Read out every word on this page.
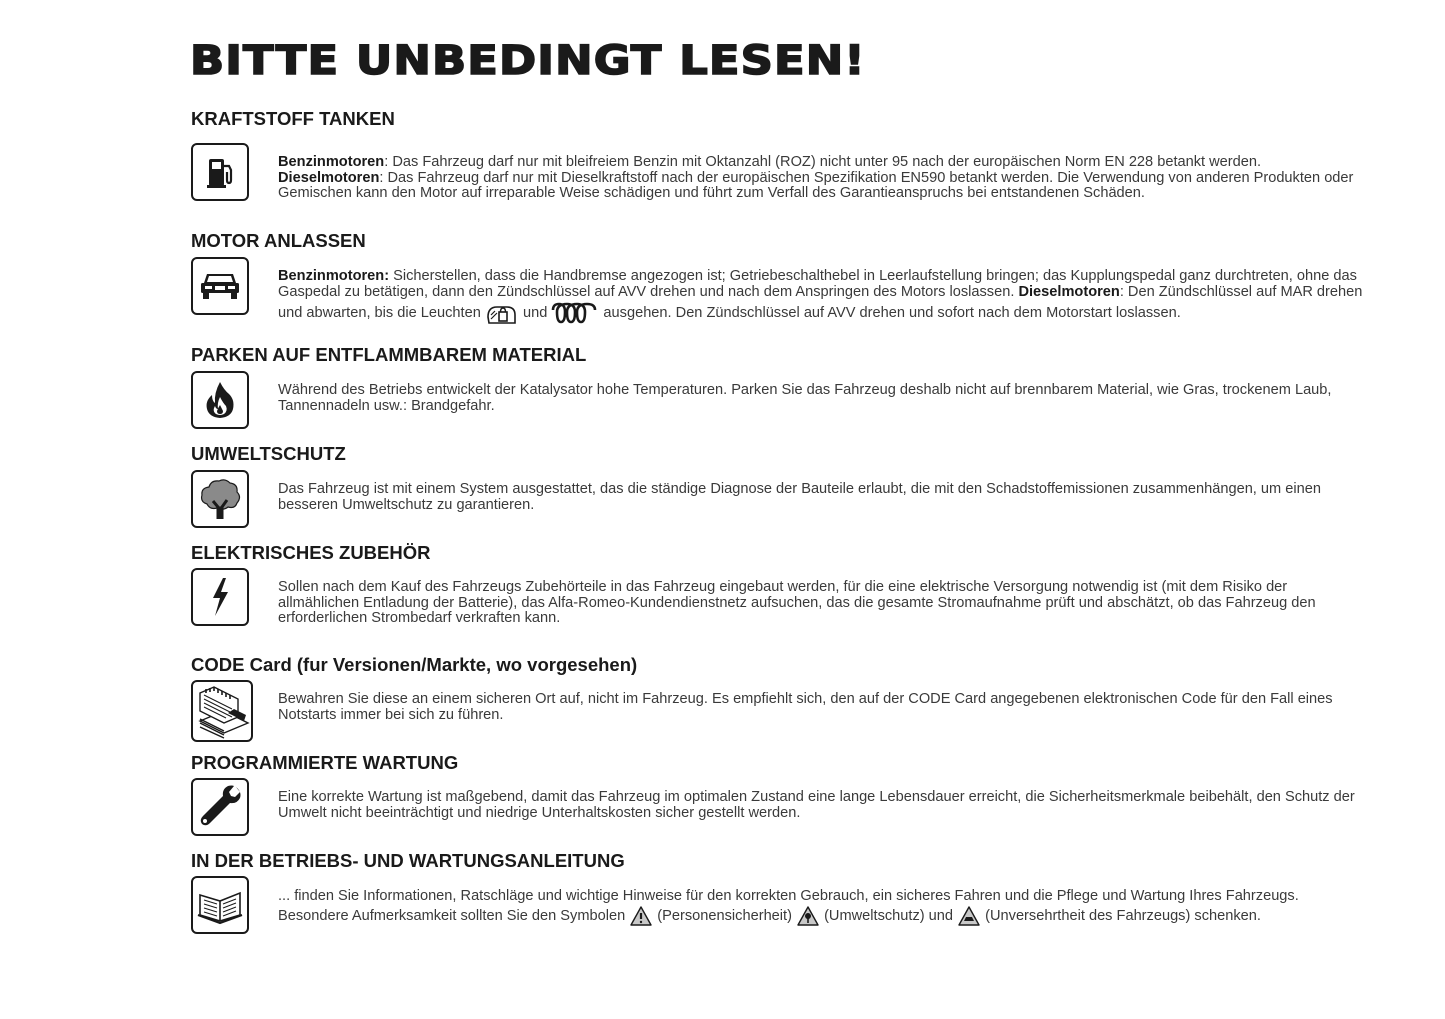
BITTE UNBEDINGT LESEN!
KRAFTSTOFF TANKEN

Benzinmotoren: Das Fahrzeug darf nur mit bleifreiem Benzin mit Oktanzahl (ROZ) nicht unter 95 nach der europäischen Norm EN 228 betankt werden.
Dieselmotoren: Das Fahrzeug darf nur mit Dieselkraftstoff nach der europäischen Spezifikation EN590 betankt werden. Die Verwendung von anderen Produkten oder Gemischen kann den Motor auf irreparable Weise schädigen und führt zum Verfall des Garantieanspruchs bei entstandenen Schäden.

MOTOR ANLASSEN

Benzinmotoren: Sicherstellen, dass die Handbremse angezogen ist; Getriebeschalthebel in Leerlaufstellung bringen; das Kupplungspedal ganz durchtreten, ohne das Gaspedal zu betätigen, dann den Zündschlüssel auf AVV drehen und nach dem Anspringen des Motors loslassen. Dieselmotoren: Den Zündschlüssel auf MAR drehen und abwarten, bis die Leuchten  und	ausgehen. Den Zündschlüssel auf AVV drehen und sofort nach dem Motorstart loslassen.

PARKEN AUF ENTFLAMMBAREM MATERIAL

Während des Betriebs entwickelt der Katalysator hohe Temperaturen. Parken Sie das Fahrzeug deshalb nicht auf brennbarem Material, wie Gras, trockenem Laub, Tannennadeln usw.: Brandgefahr.

UMWELTSCHUTZ

Das Fahrzeug ist mit einem System ausgestattet, das die ständige Diagnose der Bauteile erlaubt, die mit den Schadstoffemissionen zusammenhängen, um einen besseren Umweltschutz zu garantieren.

ELEKTRISCHES ZUBEHÖR

Sollen nach dem Kauf des Fahrzeugs Zubehörteile in das Fahrzeug eingebaut werden, für die eine elektrische Versorgung notwendig ist (mit dem Risiko der allmählichen Entladung der Batterie), das Alfa-Romeo-Kundendienstnetz aufsuchen, das die gesamte Stromaufnahme prüft und abschätzt, ob das Fahrzeug den erforderlichen Strombedarf verkraften kann.

CODE Card (fur Versionen/Markte, wo vorgesehen)

Bewahren Sie diese an einem sicheren Ort auf, nicht im Fahrzeug. Es empfiehlt sich, den auf der CODE Card angegebenen elektronischen Code für den Fall eines Notstarts immer bei sich zu führen.

PROGRAMMIERTE WARTUNG

Eine korrekte Wartung ist maßgebend, damit das Fahrzeug im optimalen Zustand eine lange Lebensdauer erreicht, die Sicherheitsmerkmale beibehält, den Schutz der Umwelt nicht beeinträchtigt und niedrige Unterhaltskosten sicher gestellt werden.

IN DER BETRIEBS- UND WARTUNGSANLEITUNG

... finden Sie Informationen, Ratschläge und wichtige Hinweise für den korrekten Gebrauch, ein sicheres Fahren und die Pflege und Wartung Ihres Fahrzeugs. Besondere Aufmerksamkeit sollten Sie den Symbolen  (Personensicherheit)  (Umweltschutz) und  (Unversehrtheit des Fahrzeugs) schenken.
